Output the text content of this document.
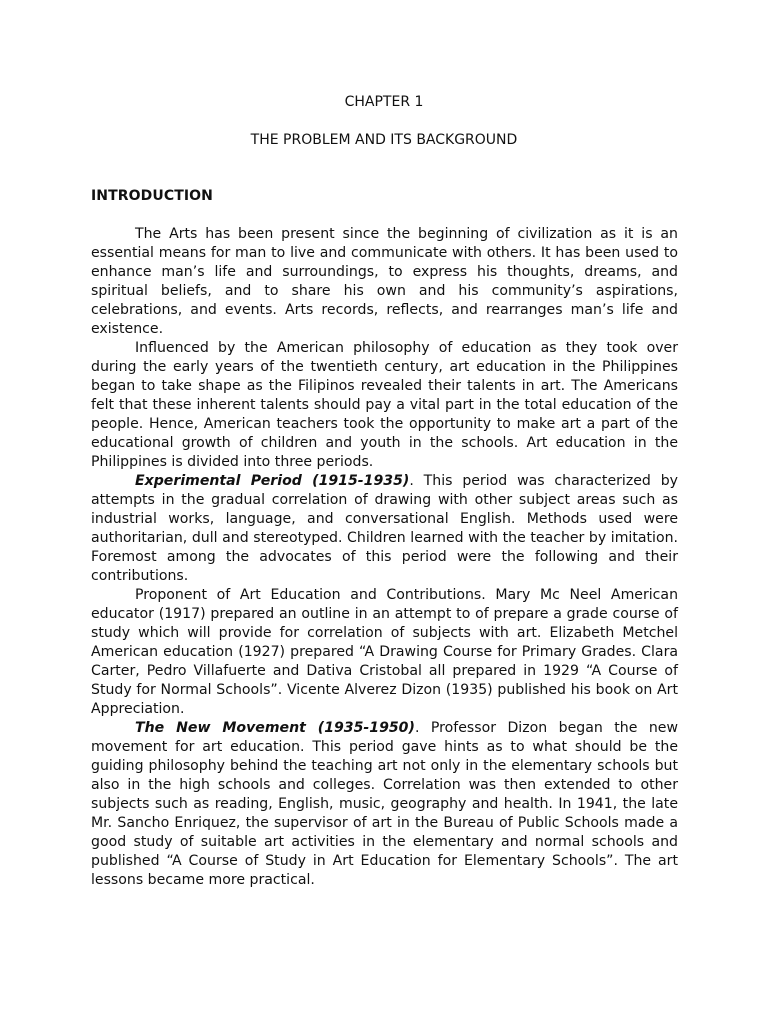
CHAPTER 1
THE PROBLEM AND ITS BACKGROUND
INTRODUCTION

The Arts has been present since the beginning of civilization as it is an essential means for man to live and communicate with others. It has been used to enhance man’s life and surroundings, to express his thoughts, dreams, and spiritual beliefs, and to share his own and his community’s aspirations, celebrations, and events. Arts records, reflects, and rearranges man’s life and existence.

Influenced by the American philosophy of education as they took over during the early years of the twentieth century, art education in the Philippines began to take shape as the Filipinos revealed their talents in art. The Americans felt that these inherent talents should pay a vital part in the total education of the people. Hence, American teachers took the opportunity to make art a part of the educational growth of children and youth in the schools. Art education in the Philippines is divided into three periods.

Experimental Period (1915-1935). This period was characterized by attempts in the gradual correlation of drawing with other subject areas such as industrial works, language, and conversational English. Methods used were authoritarian, dull and stereotyped. Children learned with the teacher by imitation. Foremost among the advocates of this period were the following and their contributions.

Proponent of Art Education and Contributions. Mary Mc Neel American educator (1917) prepared an outline in an attempt to of prepare a grade course of study which will provide for correlation of subjects with art. Elizabeth Metchel American education (1927) prepared “A Drawing Course for Primary Grades. Clara Carter, Pedro Villafuerte and Dativa Cristobal all prepared in 1929 “A Course of Study for Normal Schools”. Vicente Alverez Dizon (1935) published his book on Art Appreciation.

The New Movement (1935-1950). Professor Dizon began the new movement for art education. This period gave hints as to what should be the guiding philosophy behind the teaching art not only in the elementary schools but also in the high schools and colleges. Correlation was then extended to other subjects such as reading, English, music, geography and health. In 1941, the late Mr. Sancho Enriquez, the supervisor of art in the Bureau of Public Schools made a good study of suitable art activities in the elementary and normal schools and published “A Course of Study in Art Education for Elementary Schools”. The art lessons became more practical.
